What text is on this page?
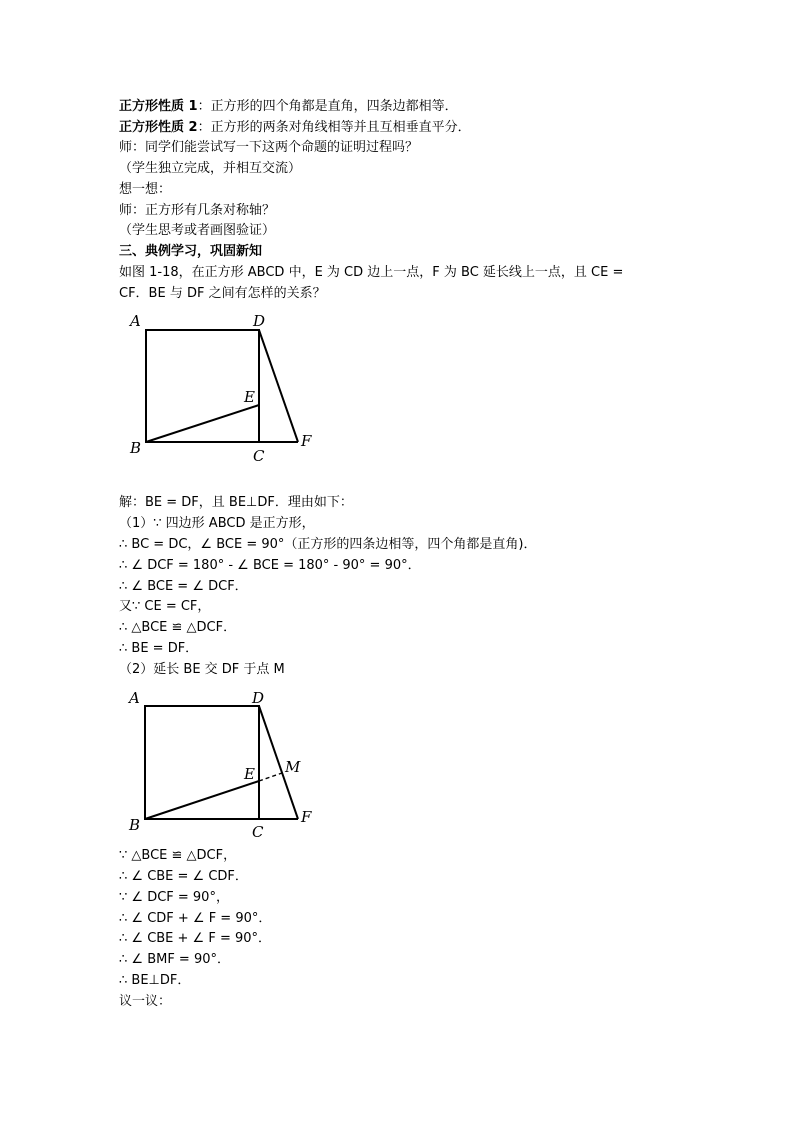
正方形性质 1：正方形的四个角都是直角，四条边都相等．
正方形性质 2：正方形的两条对角线相等并且互相垂直平分．
师：同学们能尝试写一下这两个命题的证明过程吗？
（学生独立完成，并相互交流）
想一想：
师：正方形有几条对称轴？
（学生思考或者画图验证）
三、典例学习，巩固新知
如图 1-18，在正方形 ABCD 中，E 为 CD 边上一点，F 为 BC 延长线上一点，且 CE =
CF．BE 与 DF 之间有怎样的关系？
A	D
E
B	C
F
解：BE = DF，且 BE⊥DF．理由如下：
（1）∵ 四边形 ABCD 是正方形，
∴ BC = DC，∠ BCE = 90°（正方形的四条边相等，四个角都是直角)．
∴ ∠ DCF = 180° - ∠ BCE = 180° - 90° = 90°．
∴ ∠ BCE = ∠ DCF．
又∵ CE = CF，
∴ △BCE ≌ △DCF．
∴ BE = DF．
（2）延长 BE 交 DF 于点 M
A	D
E M
B	C
F
∵ △BCE ≌ △DCF，
∴ ∠ CBE = ∠ CDF．
∵ ∠ DCF = 90°，
∴ ∠ CDF + ∠ F = 90°．
∴ ∠ CBE + ∠ F = 90°．
∴ ∠ BMF = 90°．
∴ BE⊥DF．
议一议：
